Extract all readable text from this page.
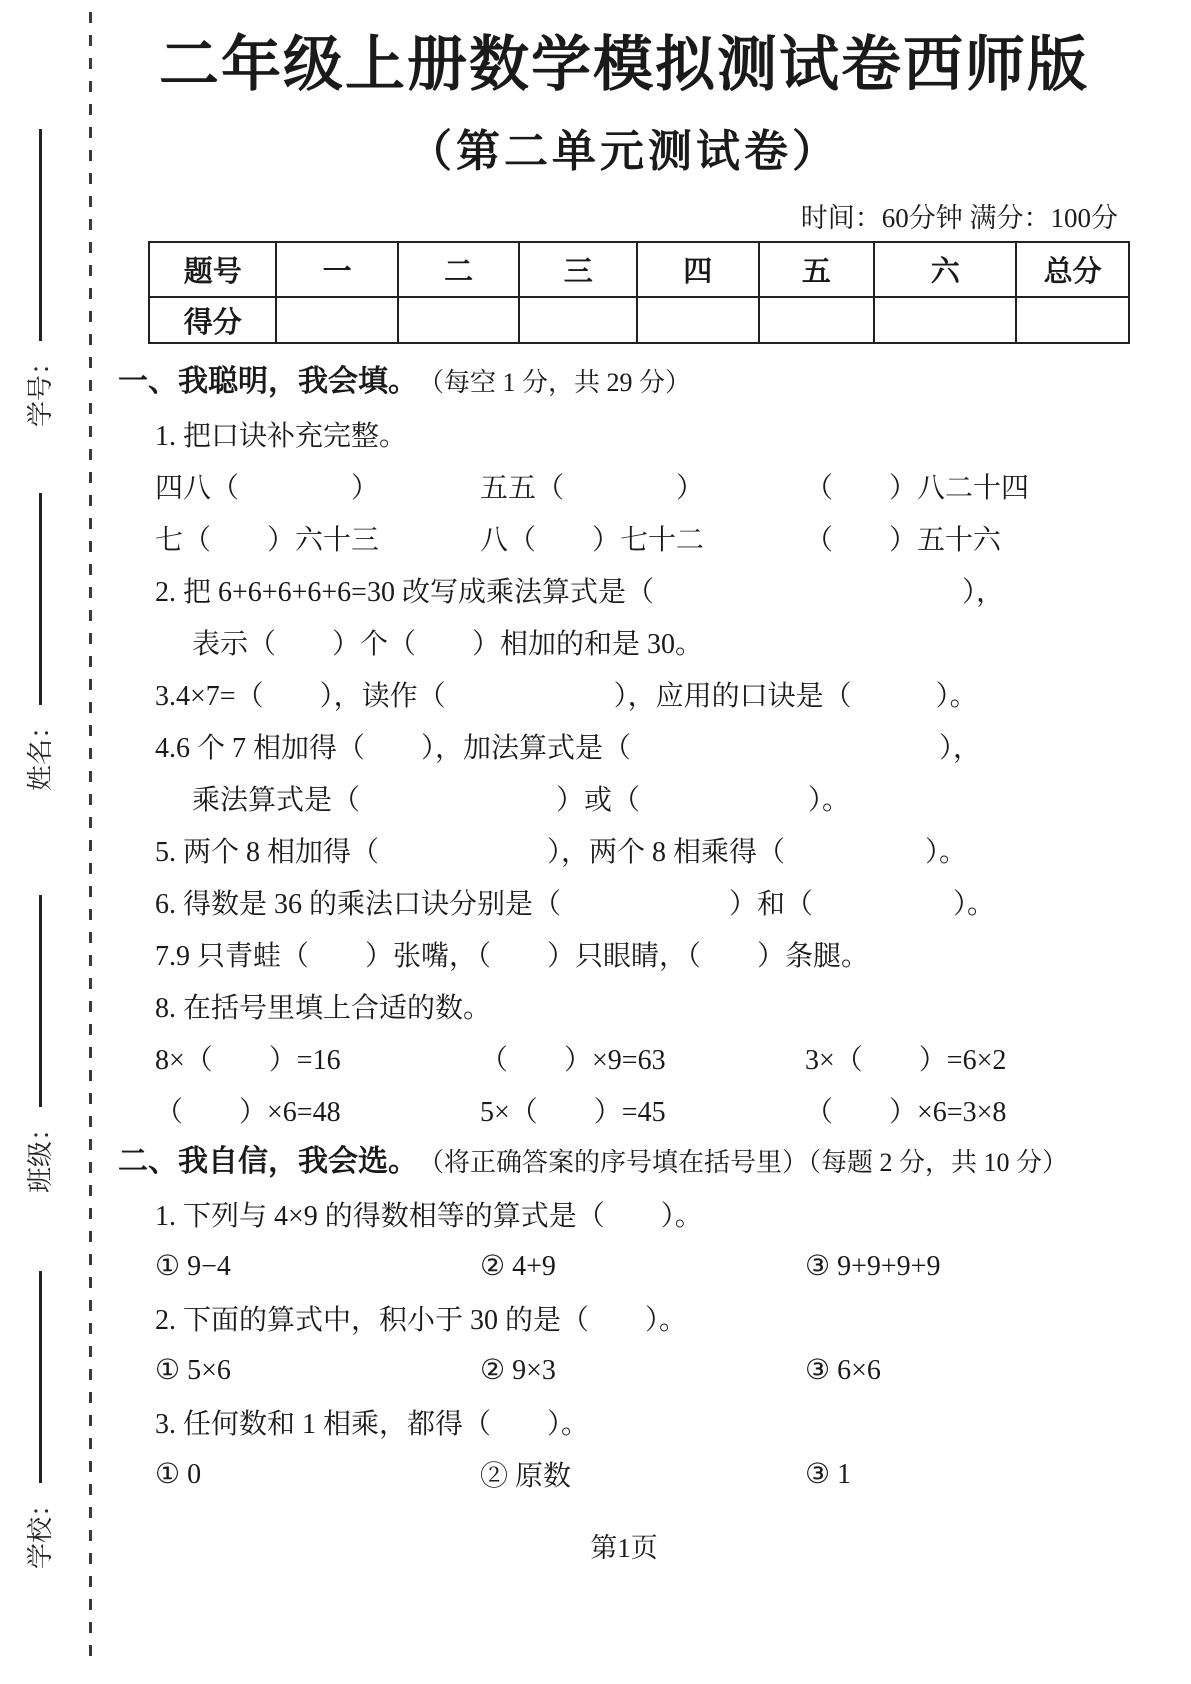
学号：
姓名：
班级：
学校：
二年级上册数学模拟测试卷西师版
（第二单元测试卷）
时间：60分钟 满分：100分
题号	一	二	三	四	五	六	总分
得分							
一、我聪明，我会填。 （每空 1 分，共 29 分）
1. 把口诀补充完整。
四八（　　　　）	五五（　　　　）	（　　）八二十四
七（　　）六十三	八（　　）七十二	（　　）五十六
2. 把 6+6+6+6+6=30 改写成乘法算式是（　　　　　　　　　　　），
表示（　　）个（　　）相加的和是 30。
3.4×7=（　　），读作（　　　　　　），应用的口诀是（　　　）。
4.6 个 7 相加得（　　），加法算式是（　　　　　　　　　　　），
乘法算式是（　　　　　　　）或（　　　　　　）。
5. 两个 8 相加得（　　　　　　），两个 8 相乘得（　　　　　）。
6. 得数是 36 的乘法口诀分别是（　　　　　　）和（　　　　　）。
7.9 只青蛙（　　）张嘴，（　　）只眼睛，（　　）条腿。
8. 在括号里填上合适的数。
8×（　　）=16	（　　）×9=63	3×（　　）=6×2
（　　）×6=48	5×（　　）=45	（　　）×6=3×8
二、我自信，我会选。 （将正确答案的序号填在括号里）（每题 2 分，共 10 分）
1. 下列与 4×9 的得数相等的算式是（　　）。
① 9−4	② 4+9	③ 9+9+9+9
2. 下面的算式中，积小于 30 的是（　　）。
① 5×6	② 9×3	③ 6×6
3. 任何数和 1 相乘，都得（　　）。
① 0	② 原数	③ 1
第1页
